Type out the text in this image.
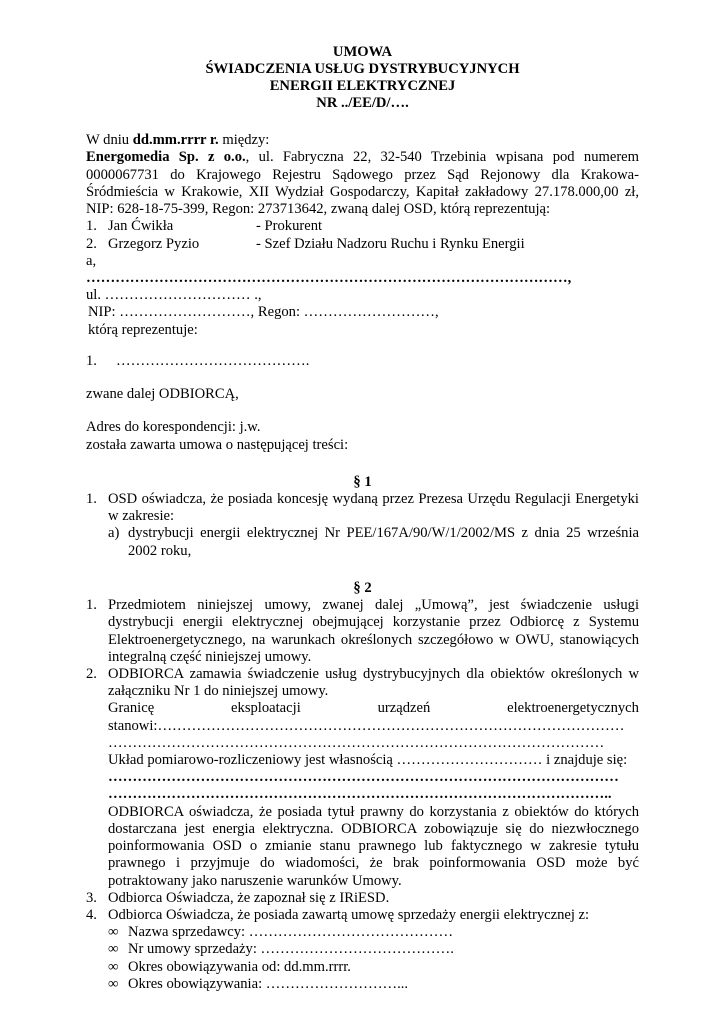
UMOWA
ŚWIADCZENIA USŁUG DYSTRYBUCYJNYCH
ENERGII ELEKTRYCZNEJ
NR ../EE/D/….

W dniu dd.mm.rrrr r. między:

Energomedia Sp. z o.o., ul. Fabryczna 22, 32-540 Trzebinia wpisana pod numerem 0000067731 do Krajowego Rejestru Sądowego przez Sąd Rejonowy dla Krakowa-Śródmieścia w Krakowie, XII Wydział Gospodarczy, Kapitał zakładowy 27.178.000,00 zł, NIP: 628-18-75-399, Regon: 273713642, zwaną dalej OSD, którą reprezentują:

1. Jan Ćwikła	- Prokurent
2. Grzegorz Pyzio	- Szef Działu Nadzoru Ruchu i Rynku Energii
a,
………………………………………………………………………………………,
ul. ………………………… .,
NIP: ………………………, Regon: ………………………,
którą reprezentuje:
1.	………………………………….
zwane dalej ODBIORCĄ,
Adres do korespondencji: j.w.
została zawarta umowa o następującej treści:
§ 1
1. OSD oświadcza, że posiada koncesję wydaną przez Prezesa Urzędu Regulacji Energetyki w zakresie:

a) dystrybucji energii elektrycznej Nr PEE/167A/90/W/1/2002/MS z dnia 25 września 2002 roku,

§ 2
1. Przedmiotem niniejszej umowy, zwanej dalej „Umową”, jest świadczenie usługi dystrybucji energii elektrycznej obejmującej korzystanie przez Odbiorcę z Systemu Elektroenergetycznego, na warunkach określonych szczegółowo w OWU, stanowiących integralną część niniejszej umowy.

2. ODBIORCA zamawia świadczenie usług dystrybucyjnych dla obiektów określonych w załączniku Nr 1 do niniejszej umowy.

Granicę	eksploatacji	urządzeń	elektroenergetycznych
stanowi:……………………………………………………………………………………
…………………………………………………………………………………………
Układ pomiarowo-rozliczeniowy jest własnością ………………………… i znajduje się:
……………………………………………………………………………………………
…………………………………………………………………………………………..

ODBIORCA oświadcza, że posiada tytuł prawny do korzystania z obiektów do których dostarczana jest energia elektryczna. ODBIORCA zobowiązuje się do niezwłocznego poinformowania OSD o zmianie stanu prawnego lub faktycznego w zakresie tytułu prawnego i przyjmuje do wiadomości, że brak poinformowania OSD może być potraktowany jako naruszenie warunków Umowy.

3. Odbiorca Oświadcza, że zapoznał się z IRiESD.

4. Odbiorca Oświadcza, że posiada zawartą umowę sprzedaży energii elektrycznej z:

∞ Nazwa sprzedawcy: ……………………………………
∞ Nr umowy sprzedaży: ………………………………….
∞ Okres obowiązywania od: dd.mm.rrrr.
∞ Okres obowiązywania: ………………………...
